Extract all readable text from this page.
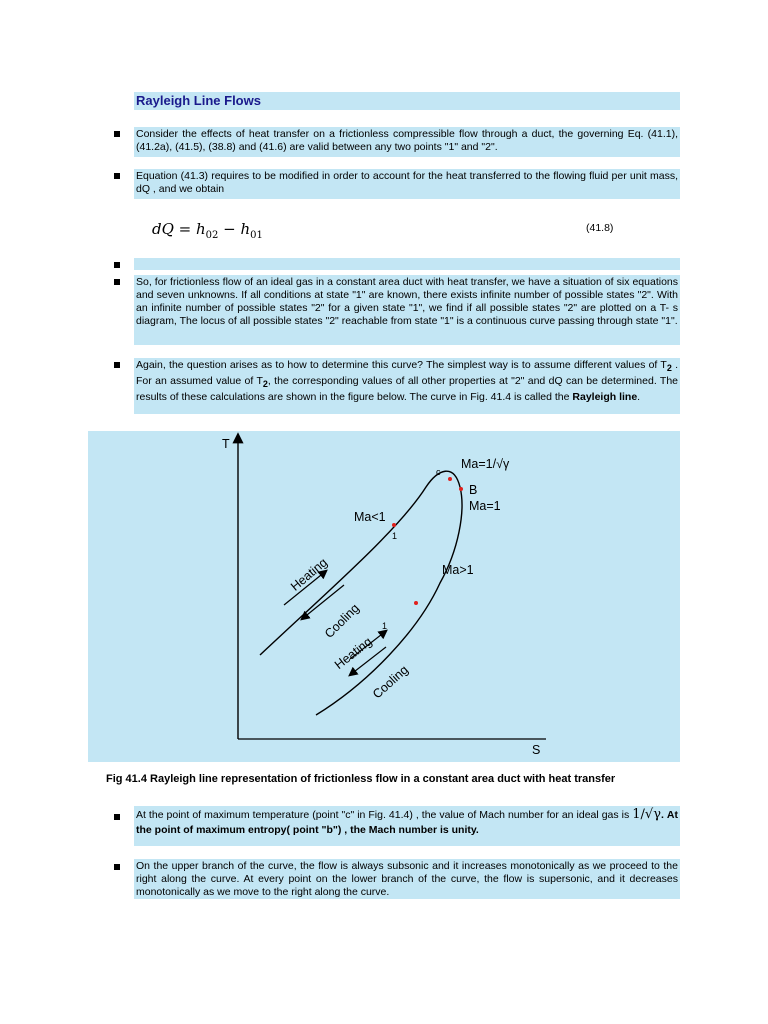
Rayleigh Line Flows
Consider the effects of heat transfer on a frictionless compressible flow through a duct, the governing Eq. (41.1), (41.2a), (41.5), (38.8) and (41.6) are valid between any two points "1" and "2".
Equation (41.3) requires to be modified in order to account for the heat transferred to the flowing fluid per unit mass, dQ , and we obtain
dQ = $h_{02} - h_{01}$
(41.8)
So, for frictionless flow of an ideal gas in a constant area duct with heat transfer, we have a situation of six equations and seven unknowns. If all conditions at state "1" are known, there exists infinite number of possible states "2". With an infinite number of possible states "2" for a given state "1", we find if all possible states "2" are plotted on a T- s diagram, The locus of all possible states "2" reachable from state "1" is a continuous curve passing through state "1".
Again, the question arises as to how to determine this curve? The simplest way is to assume different values of $T_2$ . For an assumed value of $T_2$, the corresponding values of all other properties at "2" and dQ can be determined. The results of these calculations are shown in the figure below. The curve in Fig. 41.4 is called the Rayleigh line.
T
S
Ma=1/√γ
c
B
Ma=1
Ma<1
1
Ma>1
Heating
Cooling
Heating
1
Cooling
Fig 41.4 Rayleigh line representation of frictionless flow in a constant area duct with heat transfer
At the point of maximum temperature (point "c" in Fig. 41.4) , the value of Mach number for an ideal gas is 1/√γ. At the point of maximum entropy( point "b") , the Mach number is unity.
On the upper branch of the curve, the flow is always subsonic and it increases monotonically as we proceed to the right along the curve. At every point on the lower branch of the curve, the flow is supersonic, and it decreases monotonically as we move to the right along the curve.
